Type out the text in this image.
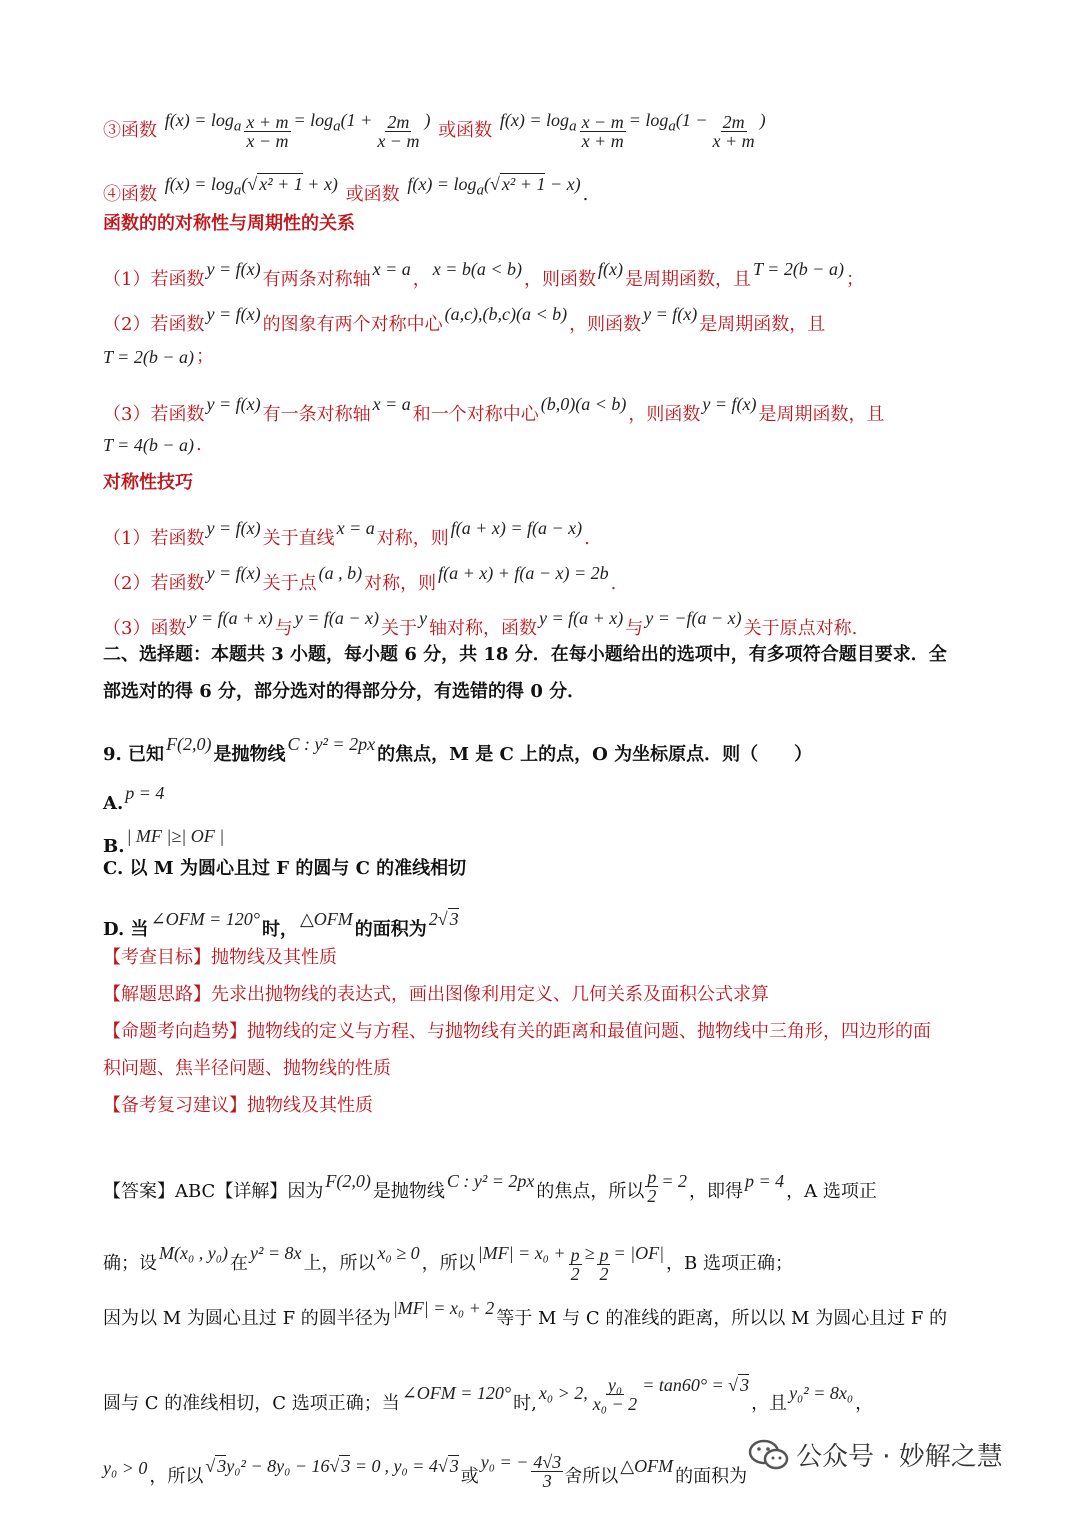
③函数 $f(x) = \log_a \frac{x + m}{x - m} = \log_a(1 + \frac{2m}{x - m}$ ) 或函数 $f(x) = \log_a \frac{x - m}{x + m} = \log_a(1 - \frac{2m}{x + m}$ )
④函数 $f(x) = \log_a(√$ x² + 1 + x) 或函数 $f(x) = \log_a(√$ x² + 1 − x) .
函数的的对称性与周期性的关系
（1）若函数 y = f(x) 有两条对称轴 x = a ， x = b(a < b) ，则函数 f(x) 是周期函数，且 T = 2(b − a) ；
（2）若函数 y = f(x) 的图象有两个对称中心 (a,c),(b,c)(a < b) ，则函数 y = f(x) 是周期函数，且
T = 2(b − a) ；
（3）若函数 y = f(x) 有一条对称轴 x = a 和一个对称中心 (b,0)(a < b) ，则函数 y = f(x) 是周期函数，且
T = 4(b − a) .
对称性技巧
（1）若函数 y = f(x) 关于直线 x = a 对称，则 f(a + x) = f(a − x) .
（2）若函数 y = f(x) 关于点 (a , b) 对称，则 f(a + x) + f(a − x) = 2b .
（3）函数 y = f(a + x) 与 y = f(a − x) 关于 y 轴对称，函数 y = f(a + x) 与 y = −f(a − x) 关于原点对称.
二、选择题：本题共 3 小题，每小题 6 分，共 18 分．在每小题给出的选项中，有多项符合题目要求．全
部选对的得 6 分，部分选对的得部分分，有选错的得 0 分．
9. 已知 F(2,0) 是抛物线 C : y² = 2px 的焦点，M 是 C 上的点，O 为坐标原点．则（　　）
A. p = 4
B. | MF |≥| OF |
C. 以 M 为圆心且过 F 的圆与 C 的准线相切
D. 当 ∠OFM = 120° 时， △OFM 的面积为 2√ 3
【考查目标】抛物线及其性质
【解题思路】先求出抛物线的表达式，画出图像利用定义、几何关系及面积公式求算
【命题考向趋势】抛物线的定义与方程、与抛物线有关的距离和最值问题、抛物线中三角形，四边形的面
积问题、焦半径问题、抛物线的性质
【备考复习建议】抛物线及其性质
【答案】ABC【详解】因为 F(2,0) 是抛物线 C : y² = 2px 的焦点，所以 $\frac{p}{2} = 2$ ，即得 p = 4 ，A 选项正
确；设 M(x₀ , y₀) 在 y² = 8x 上，所以 x₀ ≥ 0 ，所以 $|MF| = x_0 + \frac{p}{2} \ge \frac{p}{2} = |OF|$ ，B 选项正确；
因为以 M 为圆心且过 F 的圆半径为 |MF| = x₀ + 2 等于 M 与 C 的准线的距离，所以以 M 为圆心且过 F 的
圆与 C 的准线相切，C 选项正确；当 ∠OFM = 120° 时, x₀ > 2, $\frac{\text{y₀}}{\text{x₀ − 2}} = \tan 60^\circ$ = √ 3，且 y₀² = 8x₀ ，
y₀ > 0 ，所以 √ 3y₀² − 8y₀ − 16√ 3 = 0 , y₀ = 4√ 3 或y₀ = − $\frac{4√3}{3}$ 舍所以 △OFM 的面积为
公众号 · 妙解之慧
